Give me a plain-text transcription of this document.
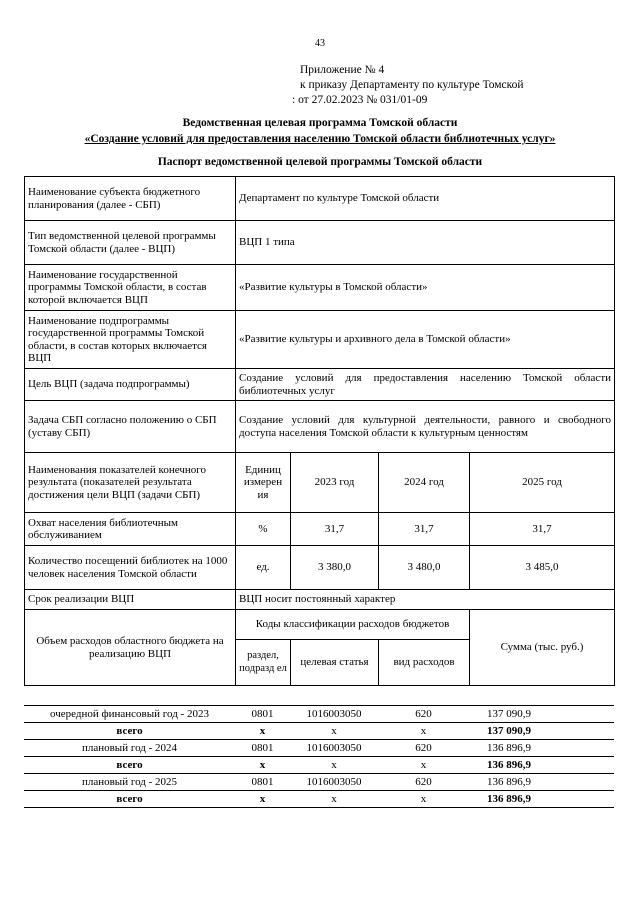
43
Приложение № 4
к приказу Департаменту по культуре Томской
: от 27.02.2023 № 031/01-09
Ведомственная целевая программа Томской области
«Создание условий для предоставления населению Томской области библиотечных услуг»
Паспорт ведомственной целевой программы Томской области
Наименование субъекта бюджетного планирования (далее - СБП)	Департамент по культуре Томской области			
Тип ведомственной целевой программы Томской области (далее - ВЦП)	ВЦП 1 типа			
Наименование государственной программы Томской области, в состав которой включается ВЦП	«Развитие культуры в Томской области»			
Наименование подпрограммы государственной программы Томской области, в состав которых включается ВЦП	«Развитие культуры и архивного дела в Томской области»			
Цель ВЦП (задача подпрограммы)	Создание условий для предоставления населению Томской области библиотечных услуг			
Задача СБП согласно положению о СБП (уставу СБП)	Создание условий для культурной деятельности, равного и свободного доступа населения Томской области к культурным ценностям			
Наименования показателей конечного результата (показателей результата достижения цели ВЦП (задачи СБП)	Единиц измерен ия	2023 год	2024 год	2025 год
Охват населения библиотечным обслуживанием	%	31,7	31,7	31,7
Количество посещений библиотек на 1000 человек населения Томской области	ед.	3 380,0	3 480,0	3 485,0
Срок реализации ВЦП	ВЦП носит постоянный характер			
Объем расходов областного бюджета на реализацию ВЦП	Коды классификации расходов бюджетов			Сумма (тыс. руб.)
	раздел, подразд ел	целевая статья	вид расходов	
очередной финансовый год - 2023	0801	1016003050	620	137 090,9
всего	x	x	x	137 090,9
плановый год - 2024	0801	1016003050	620	136 896,9
всего	x	x	x	136 896,9
плановый год - 2025	0801	1016003050	620	136 896,9
всего	x	x	x	136 896,9
